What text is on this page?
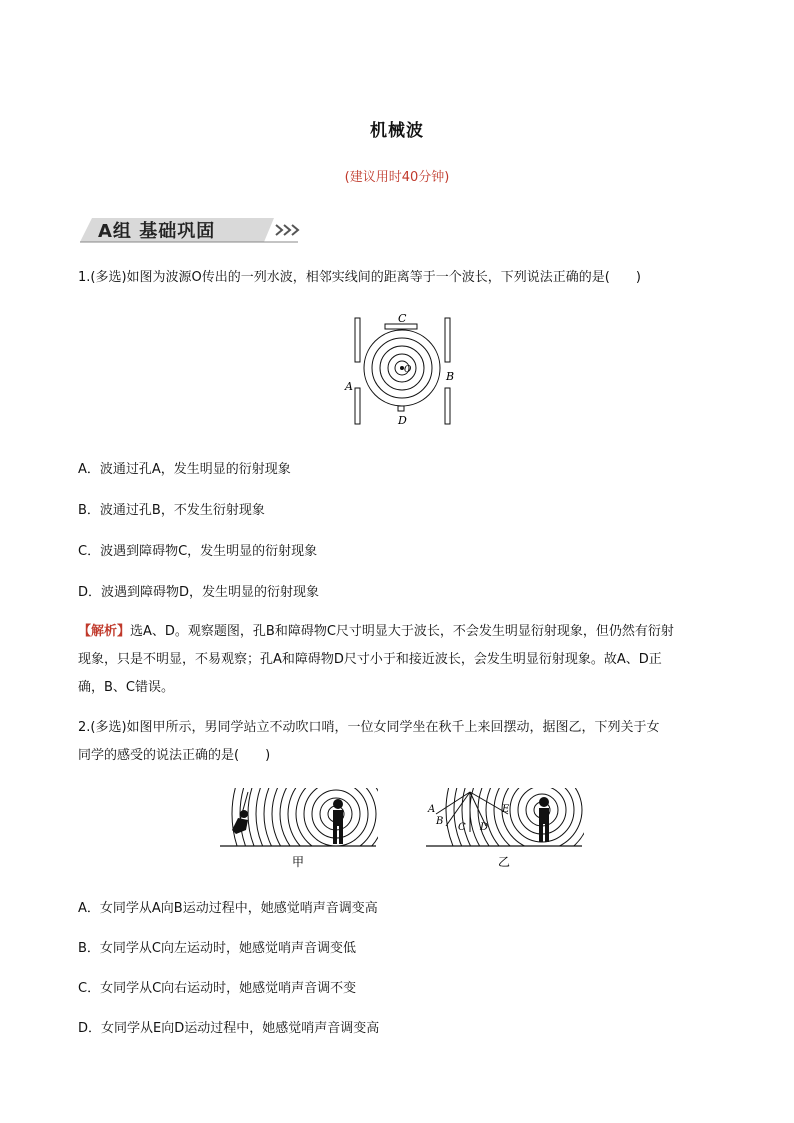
机械波
(建议用时40分钟)
A组 基础巩固
1.(多选)如图为波源O传出的一列水波，相邻实线间的距离等于一个波长，下列说法正确的是(　　)
C
A
B
D
O
A．波通过孔A，发生明显的衍射现象
B．波通过孔B，不发生衍射现象
C．波遇到障碍物C，发生明显的衍射现象
D．波遇到障碍物D，发生明显的衍射现象
【解析】选A、D。观察题图，孔B和障碍物C尺寸明显大于波长，不会发生明显衍射现象，但仍然有衍射
现象，只是不明显，不易观察；孔A和障碍物D尺寸小于和接近波长，会发生明显衍射现象。故A、D正
确，B、C错误。
2.(多选)如图甲所示，男同学站立不动吹口哨，一位女同学坐在秋千上来回摆动，据图乙，下列关于女
同学的感受的说法正确的是(　　)
甲
A
B
C D
E
乙
A．女同学从A向B运动过程中，她感觉哨声音调变高
B．女同学从C向左运动时，她感觉哨声音调变低
C．女同学从C向右运动时，她感觉哨声音调不变
D．女同学从E向D运动过程中，她感觉哨声音调变高
